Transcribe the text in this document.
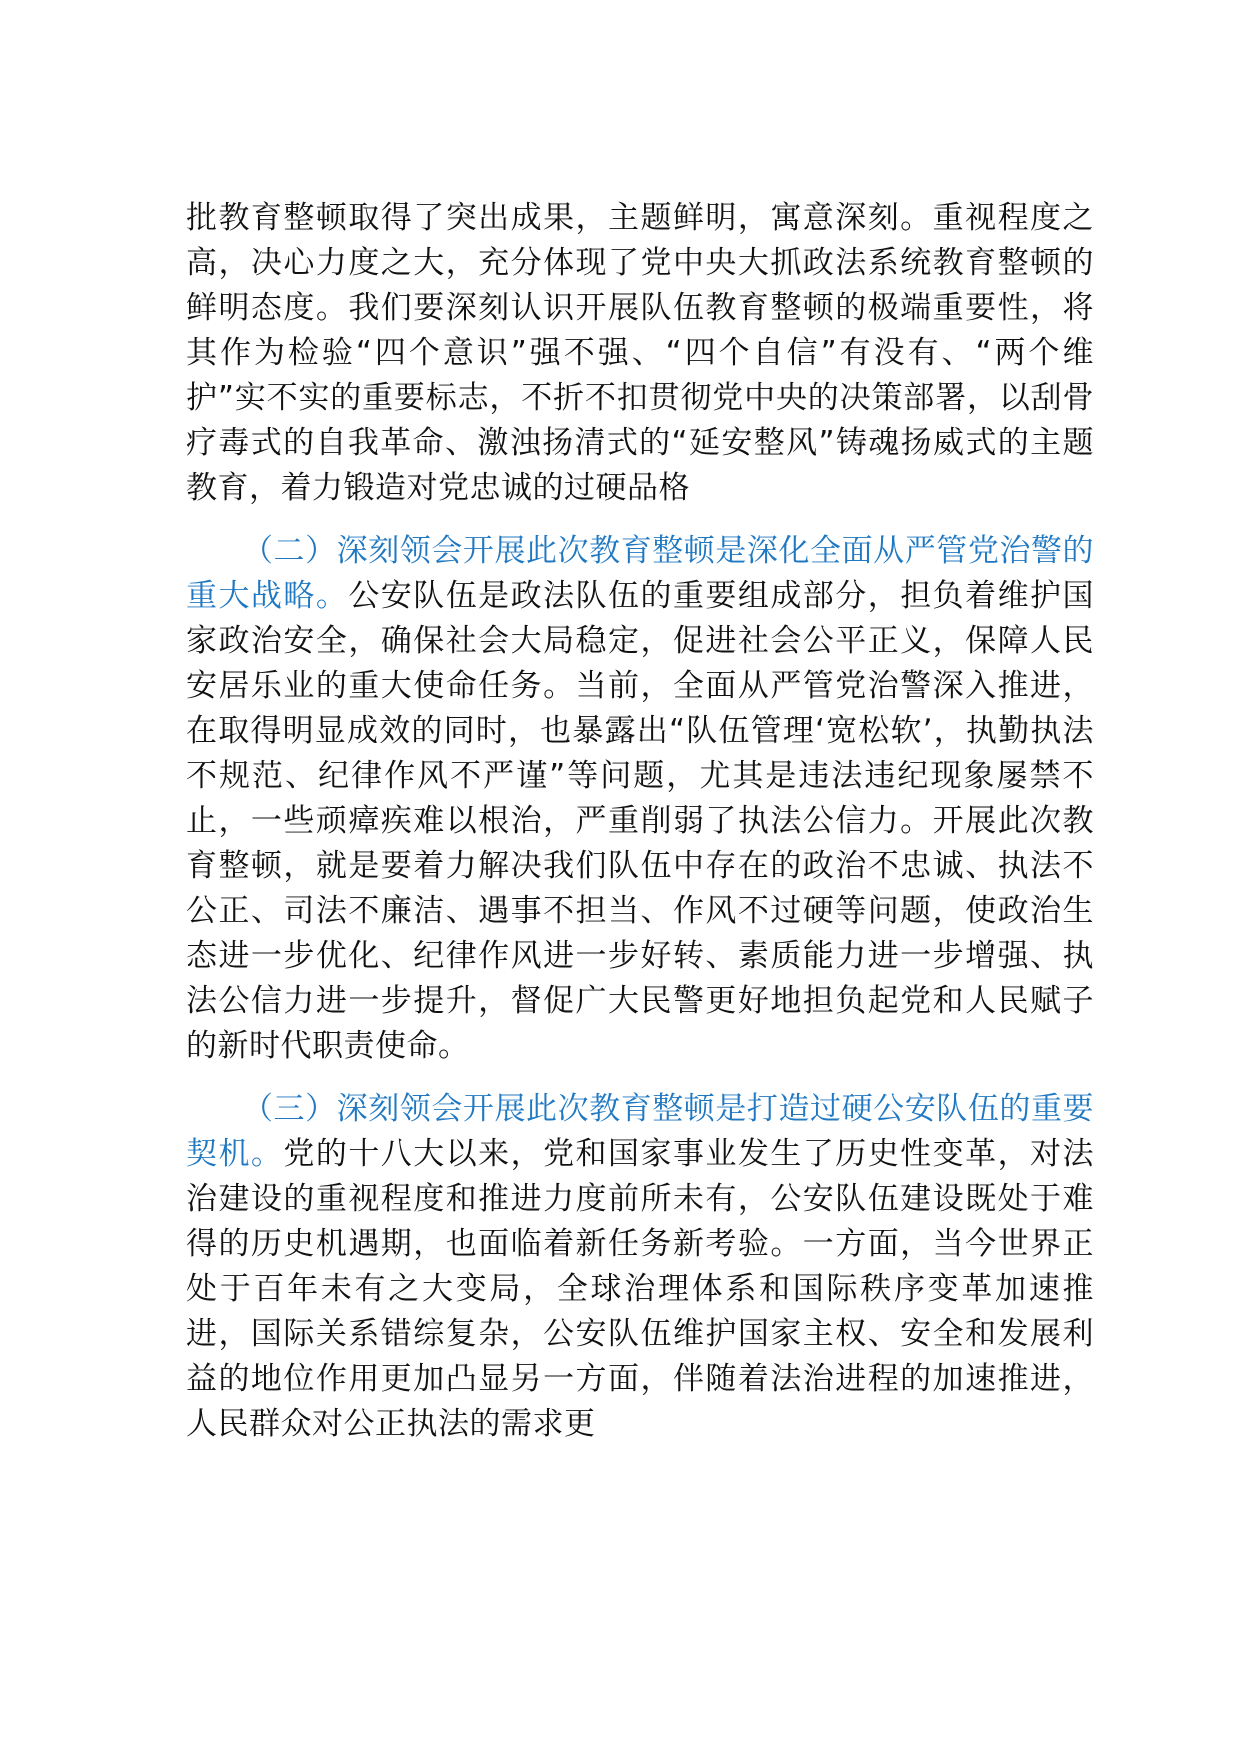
批教育整顿取得了突出成果，主题鲜明，寓意深刻。重视程度之高，决心力度之大，充分体现了党中央大抓政法系统教育整顿的鲜明态度。我们要深刻认识开展队伍教育整顿的极端重要性，将其作为检验“四个意识”强不强、“四个自信”有没有、“两个维护”实不实的重要标志，不折不扣贯彻党中央的决策部署，以刮骨疗毒式的自我革命、激浊扬清式的“延安整风”铸魂扬威式的主题教育，着力锻造对党忠诚的过硬品格

（二）深刻领会开展此次教育整顿是深化全面从严管党治警的重大战略。公安队伍是政法队伍的重要组成部分，担负着维护国家政治安全，确保社会大局稳定，促进社会公平正义，保障人民安居乐业的重大使命任务。当前，全面从严管党治警深入推进，在取得明显成效的同时，也暴露出“队伍管理‘宽松软’，执勤执法不规范、纪律作风不严谨”等问题，尤其是违法违纪现象屡禁不止，一些顽瘴疾难以根治，严重削弱了执法公信力。开展此次教育整顿，就是要着力解决我们队伍中存在的政治不忠诚、执法不公正、司法不廉洁、遇事不担当、作风不过硬等问题，使政治生态进一步优化、纪律作风进一步好转、素质能力进一步增强、执法公信力进一步提升，督促广大民警更好地担负起党和人民赋子的新时代职责使命。

（三）深刻领会开展此次教育整顿是打造过硬公安队伍的重要契机。党的十八大以来，党和国家事业发生了历史性变革，对法治建设的重视程度和推进力度前所未有，公安队伍建设既处于难得的历史机遇期，也面临着新任务新考验。一方面，当今世界正处于百年未有之大变局，全球治理体系和国际秩序变革加速推进，国际关系错综复杂，公安队伍维护国家主权、安全和发展利益的地位作用更加凸显另一方面，伴随着法治进程的加速推进，人民群众对公正执法的需求更
